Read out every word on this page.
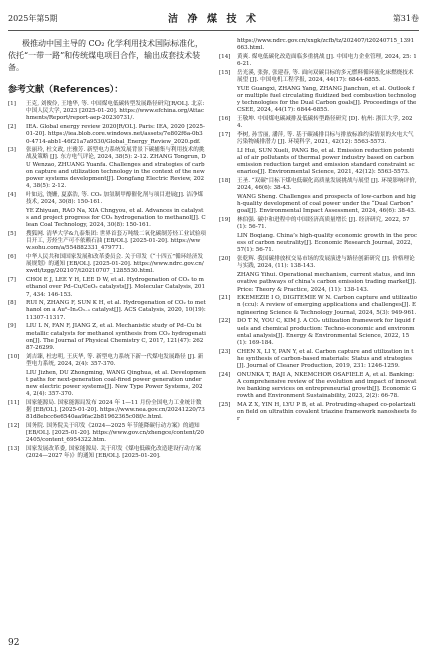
2025年第5期	洁 净 煤 技 术	第31卷

极推动中国主导的 CO₂ 化学利用技术国际标准化，依托“一带一路”和传统煤电项目合作，输出成套技术装备。

参考文献（References）：
[1]	王克, 刘俊伶, 王地华, 等. 中国煤电低碳转型发展路径研究[R/OL]. 北京: 中国人民大学, 2023 [2025-01-20]. https://www.efchina.org/Attachments/Report/report-aep-20230731/.
[2]	IEA. Global energy review 2020[R/OL]. Paris: IEA, 2020 [2025-01-20]. https://iea.blob.core.windows.net/assets/7e802f6a-0b30-4714-abb1-46f21a7a9530/Global_Energy_Review_2020.pdf.
[3]	张丽玲, 杜文政, 庄雅芳. 新型电力系统发展背景下碳捕集与利用技术的挑战及策略 [J]. 东方电气评论, 2024, 38(5): 2-12. ZHANG Tongrun, DU Wenzao, ZHUANG Yuanfa. Challenges and strategies of carbon capture and utilization technology in the context of the new power systems development[J]. Dongfang Electric Review, 2024, 38(5): 2-12.
[4]	叶如远, 饶姗, 夏嘉浩, 等. CO₂ 加氢制甲醇催化剂与项目进展[J]. 洁净煤技术, 2024, 30(8): 150-161.
YE Zhiyuan, RAO Na, XIA Chngyou, et al. Advances in catalysts and project progress for CO₂ hydrogenation to methanol[J]. Clean Coal Technology, 2024, 30(8): 150-161.
[5]	搜狐网. 清华大学&九泰集团: 世界首套万吨级二氧化碳制芳烃工业试验项目开工, 芳烃生产可不依赖石油 [EB/OL]. [2025-01-20]. https://www.sohu.com/a/554882331_479771.
[6]	中华人民共和国国家发展和改革委员会. 关于印发《“十四五”循环经济发展规划》的通知 [EB/OL]. [2025-01-20]. https://www.ndrc.gov.cn/xwdt/tzgg/202107/t20210707_1285530.html.
[7]	CHOI E J, LEE Y H, LEE D W, et al. Hydrogenation of CO₂ to methanol over Pd–Cu/CeO₂ catalysts[J]. Molecular Catalysis, 2017, 434: 146-153.
[8]	RUI N, ZHANG F, SUN K H, et al. Hydrogenation of CO₂ to methanol on a Au⁰–In₂O₃₋ₓ catalyst[J]. ACS Catalysis, 2020, 10(19): 11307-11317.
[9]	LIU L N, FAN F, JIANG Z, et al. Mechanistic study of Pd–Cu bimetallic catalysts for methanol synthesis from CO₂ hydrogenation[J]. The Journal of Physical Chemistry C, 2017, 121(47): 26287-26299.
[10]	刘吉臻, 杜忠明, 王庆华, 等. 新型电力系统下新一代煤电发展路径 [J]. 新型电力系统, 2024, 2(4): 357-370.
LIU Jizhen, DU Zhongming, WANG Qinghua, et al. Development paths for next-generation coal-fired power generation under new electric power systems[J]. New Type Power Systems, 2024, 2(4): 357-370.
[11]	国家能源局. 国家能源局发布 2024 年 1—11 月份全国电力工业统计数据 [EB/OL]. [2025-01-20]. https://www.nea.gov.cn/20241220/7381d8ebcc6e6540aa9fac2b81962365c08f/c.html.
[12]	国务院. 国务院关于印发《2024—2025 年节能降碳行动方案》的通知 [EB/OL]. [2025-01-20]. https://www.gov.cn/zhengce/content/202405/content_6954322.htm.
[13]	国家发展改革委, 国家能源局. 关于印发《煤电低碳化改造建设行动方案(2024—2027 年)》的通知 [EB/OL]. [2025-01-20].
https://www.ndrc.gov.cn/xxgk/zcfb/tz/202407/t20240715_1391663.html.
[14]	黄爽. 煤电低碳化改造面临多重挑战 [J]. 中国电力企业管理, 2024, 25: 16-21.
[15]	岳光溪, 张弥, 张建春, 等. 面向双碳目标的多元燃料循环流化床燃烧技术展望 [J]. 中国电机工程学报, 2024, 44(17): 6844-6855.
YUE Guangxi, ZHANG Yang, ZHANG Jianchun, et al. Outlook for multiple fuel circulating fluidized bed combustion technology technologies for the Dual Carbon goals[J]. Proceedings of the CSEE, 2024, 44(17): 6844-6855.
[16]	王敬坤. 中国煤电碳减排及低碳转型路径研究 [D]. 杭州: 浙江大学, 2024.
[17]	李树, 孙雪丽, 潘萍, 等. 基于碳减排目标与排放标准约束情景的火电大气污染物减排潜力 [J]. 环境科学, 2021, 42(12): 5563-5573.
LI Hui, SUN Xueli, PANG Bo, et al. Emission reduction potential of air pollutants of thermal power industry based on carbon emission reduction target and emission standard constraint scenarios[J]. Environmental Science, 2021, 42(12): 5563-5573.
[18]	王圣. “双碳”目标下煤电低碳化高质量发展挑战与展望 [J]. 环境影响评价, 2024, 46(6): 38-43.
WANG Sheng. Challenges and prospects of low-carbon and high-quality development of coal power under the “Dual Carbon” goal[J]. Environmental Impact Assessment, 2024, 46(6): 38-43.
[19]	林伯强. 碳中和进程中的中国经济高质量增长 [J]. 经济研究, 2022, 57(1): 56-71.
LIN Boqiang. China’s high-quality economic growth in the process of carbon neutrality[J]. Economic Research Journal, 2022, 57(1): 56-71.
[20]	张乾辉. 我国碳排放权交易市场的发展演进与路径创新研究 [J]. 价格理论与实践, 2024, (11): 138-143.
ZHANG Yihui. Operational mechanism, current status, and innovative pathways of china’s carbon emission trading market[J]. Price: Theory & Practice, 2024, (11): 138-143.
[21]	EKEMEZIE I O, DIGITEMIE W N. Carbon capture and utilization (ccu): A review of emerging applications and challenges[J]. Engineering Science & Technology Journal, 2024, 5(3): 949-961.
[22]	DO T N, YOU C, KIM J. A CO₂ utilization framework for liquid fuels and chemical production: Techno-economic and environmental analysis[J]. Energy & Environmental Science, 2022, 15(1): 169-184.
[23]	CHEN X, LI Y, PAN Y, et al. Carbon capture and utilization in the synthesis of carbon-based materials: Status and strategies[J]. Journal of Cleaner Production, 2019, 231: 1246-1259.
[24]	ONUNKA T, RAJI A, NKEMCHOR OSAFIELE A, et al. Banking: A comprehensive review of the evolution and impact of innovative banking services on entrepreneurial growth[J]. Economic Growth and Environment Sustainability, 2023, 2(2): 66-78.
[25]	MA Z X, YIN H, LYU P B, et al. Protruding-shaped co-polarization field on ultrathin covalent triazine framework nanosheets for
92
